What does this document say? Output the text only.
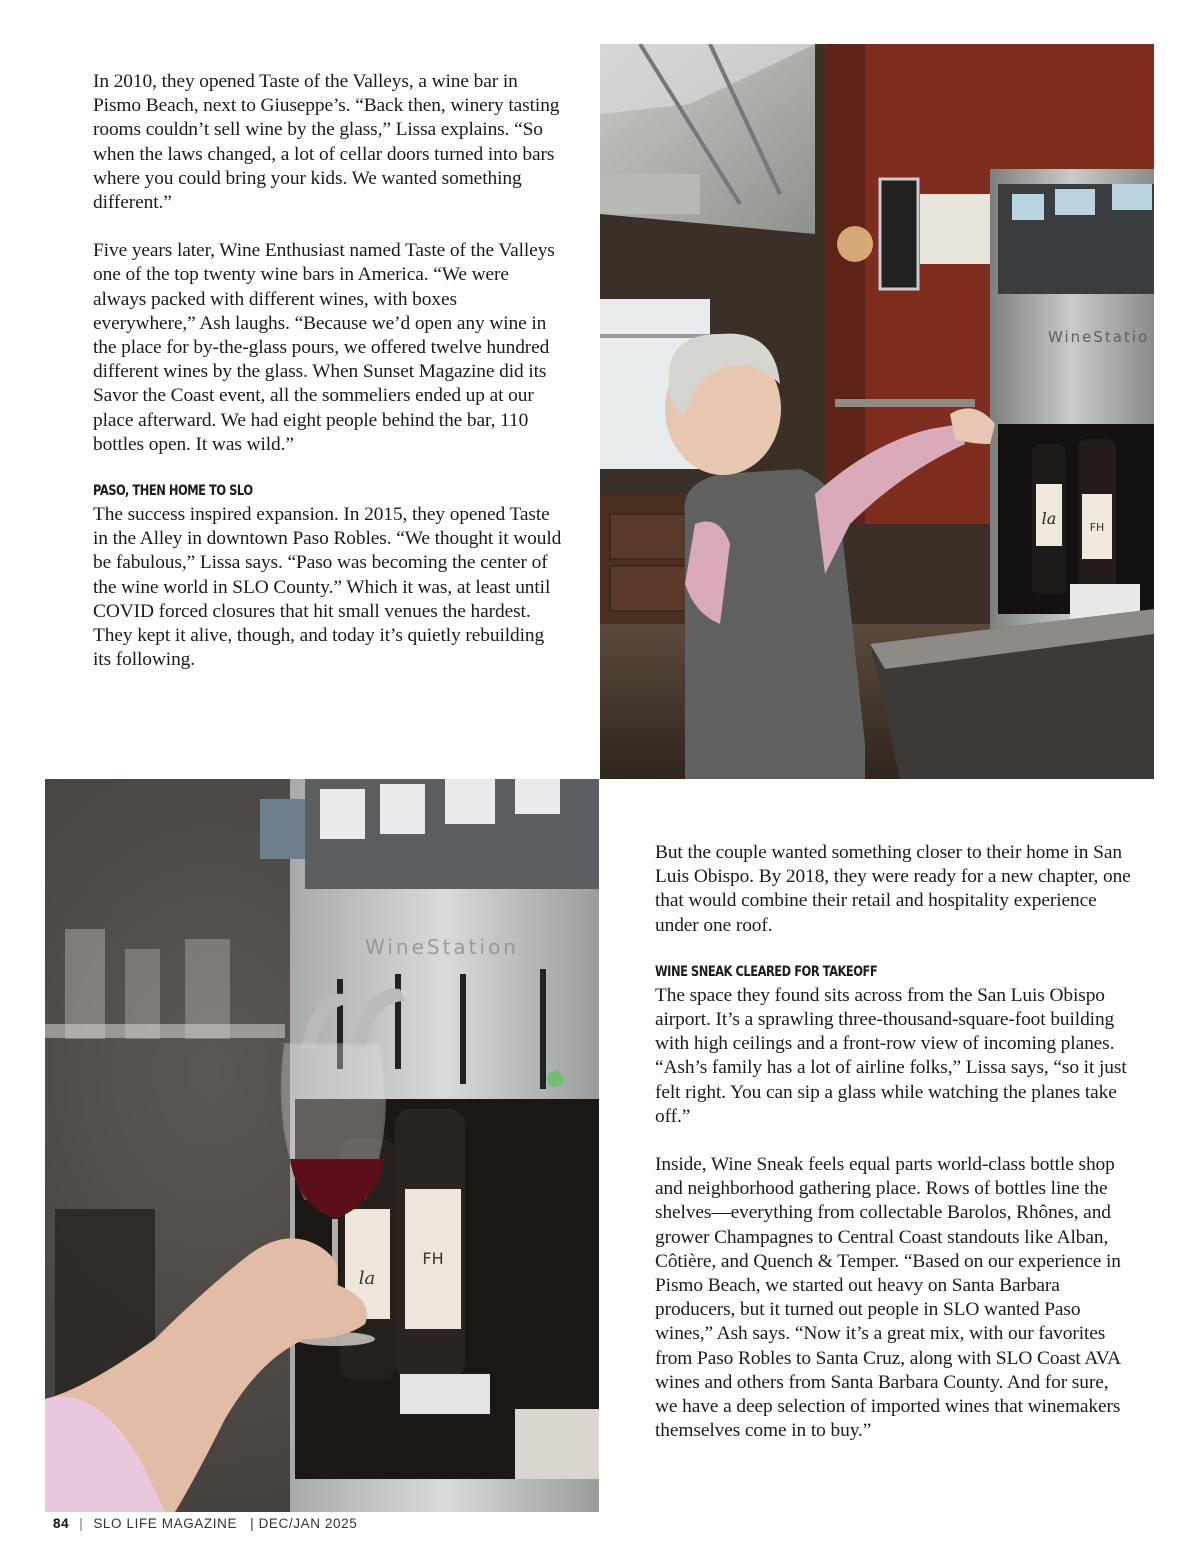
In 2010, they opened Taste of the Valleys, a wine bar in Pismo Beach, next to Giuseppe’s. “Back then, winery tasting rooms couldn’t sell wine by the glass,” Lissa explains. “So when the laws changed, a lot of cellar doors turned into bars where you could bring your kids. We wanted something different.”

Five years later, Wine Enthusiast named Taste of the Valleys one of the top twenty wine bars in America. “We were always packed with different wines, with boxes everywhere,” Ash laughs. “Because we’d open any wine in the place for by-the-glass pours, we offered twelve hundred different wines by the glass. When Sunset Magazine did its Savor the Coast event, all the sommeliers ended up at our place afterward. We had eight people behind the bar, 110 bottles open. It was wild.”

PASO, THEN HOME TO SLO

The success inspired expansion. In 2015, they opened Taste in the Alley in downtown Paso Robles. “We thought it would be fabulous,” Lissa says. “Paso was becoming the center of the wine world in SLO County.” Which it was, at least until COVID forced closures that hit small venues the hardest. They kept it alive, though, and today it’s quietly rebuilding its following.

WineStatio
la	FH
WineStation
FH
la

But the couple wanted something closer to their home in San Luis Obispo. By 2018, they were ready for a new chapter, one that would combine their retail and hospitality experience under one roof.

WINE SNEAK CLEARED FOR TAKEOFF

The space they found sits across from the San Luis Obispo airport. It’s a sprawling three-thousand-square-foot building with high ceilings and a front-row view of incoming planes. “Ash’s family has a lot of airline folks,” Lissa says, “so it just felt right. You can sip a glass while watching the planes take off.”

Inside, Wine Sneak feels equal parts world-class bottle shop and neighborhood gathering place. Rows of bottles line the shelves—everything from collectable Barolos, Rhônes, and grower Champagnes to Central Coast standouts like Alban, Côtière, and Quench & Temper. “Based on our experience in Pismo Beach, we started out heavy on Santa Barbara producers, but it turned out people in SLO wanted Paso wines,” Ash says. “Now it’s a great mix, with our favorites from Paso Robles to Santa Cruz, along with SLO Coast AVA wines and others from Santa Barbara County. And for sure, we have a deep selection of imported wines that winemakers themselves come in to buy.”

84 | SLO LIFE MAGAZINE | DEC/JAN 2025
